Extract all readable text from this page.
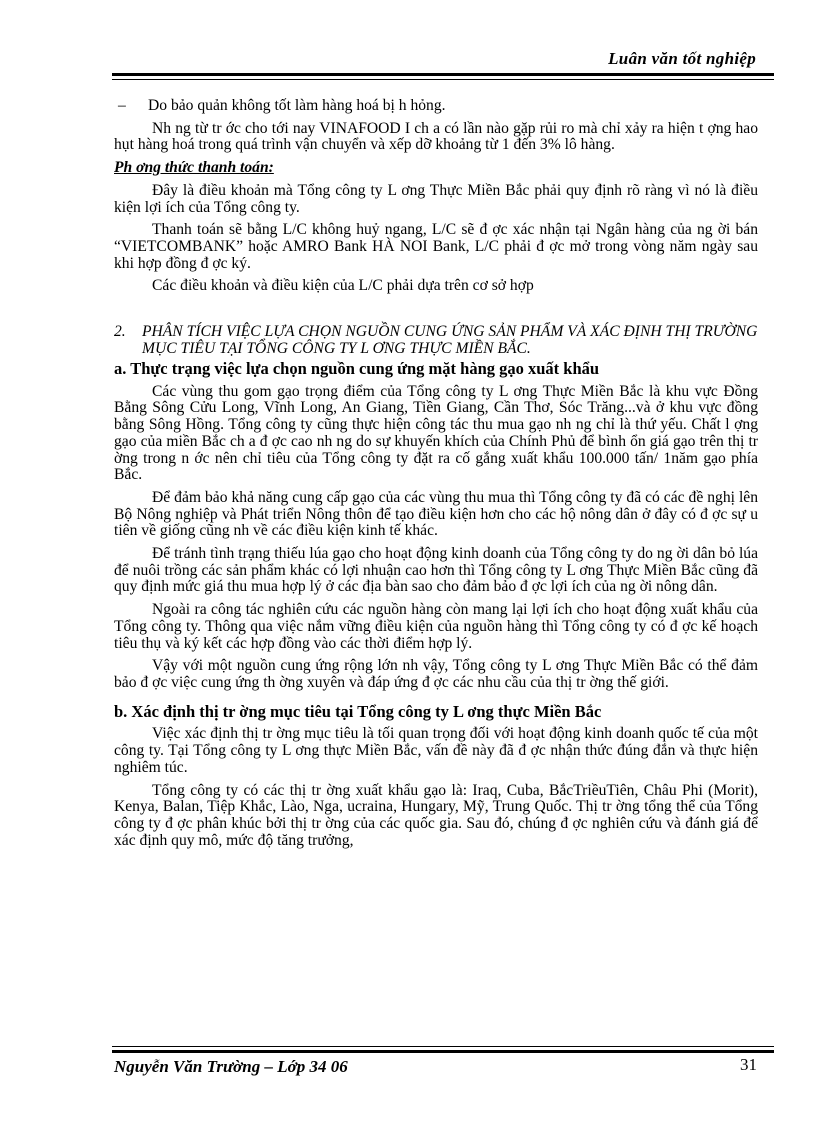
Luân văn tốt nghiệp
–	Do bảo quản không tốt làm hàng hoá bị h hỏng.

Nh ng từ tr ớc cho tới nay VINAFOOD I ch a có lần nào gặp rủi ro mà chỉ xảy ra hiện t ợng hao hụt hàng hoá trong quá trình vận chuyển và xếp dỡ khoảng từ 1 đến 3% lô hàng.

Ph ơng thức thanh toán:

Đây là điều khoản mà Tổng công ty L ơng Thực Miền Bắc phải quy định rõ ràng vì nó là điều kiện lợi ích của Tổng công ty.

Thanh toán sẽ bằng L/C không huỷ ngang, L/C sẽ đ ợc xác nhận tại Ngân hàng của ng ời bán “VIETCOMBANK” hoặc AMRO Bank HÀ NOI Bank, L/C phải đ ợc mở trong vòng năm ngày sau khi hợp đồng đ ợc ký.

Các điều khoản và điều kiện của L/C phải dựa trên cơ sở hợp

2.	PHÂN TÍCH VIỆC LỰA CHỌN NGUỒN CUNG ỨNG SẢN PHẨM VÀ XÁC ĐỊNH THỊ TRƯỜNG MỤC TIÊU TẠI TỔNG CÔNG TY L ƠNG THỰC MIỀN BẮC.
a. Thực trạng việc lựa chọn nguồn cung ứng mặt hàng gạo xuất khẩu

Các vùng thu gom gạo trọng điểm của Tổng công ty L ơng Thực Miền Bắc là khu vực Đồng Bằng Sông Cửu Long, Vĩnh Long, An Giang, Tiền Giang, Cần Thơ, Sóc Trăng...và ở khu vực đồng bằng Sông Hồng. Tổng công ty cũng thực hiện công tác thu mua gạo nh ng chỉ là thứ yếu. Chất l ợng gạo của miền Bắc ch a đ ợc cao nh ng do sự khuyến khích của Chính Phủ để bình ổn giá gạo trên thị tr ờng trong n ớc nên chỉ tiêu của Tổng công ty đặt ra cố gắng xuất khẩu 100.000 tấn/ 1năm gạo phía Bắc.

Để đảm bảo khả năng cung cấp gạo của các vùng thu mua thì Tổng công ty đã có các đề nghị lên Bộ Nông nghiệp và Phát triển Nông thôn để tạo điều kiện hơn cho các hộ nông dân ở đây có đ ợc sự u tiên về giống cũng nh về các điều kiện kinh tế khác.

Để tránh tình trạng thiếu lúa gạo cho hoạt động kinh doanh của Tổng công ty do ng ời dân bỏ lúa để nuôi trồng các sản phẩm khác có lợi nhuận cao hơn thì Tổng công ty L ơng Thực Miền Bắc cũng đã quy định mức giá thu mua hợp lý ở các địa bàn sao cho đảm bảo đ ợc lợi ích của ng ời nông dân.

Ngoài ra công tác nghiên cứu các nguồn hàng còn mang lại lợi ích cho hoạt động xuất khẩu của Tổng công ty. Thông qua việc nắm vững điều kiện của nguồn hàng thì Tổng công ty có đ ợc kế hoạch tiêu thụ và ký kết các hợp đồng vào các thời điểm hợp lý.

Vậy với một nguồn cung ứng rộng lớn nh vậy, Tổng công ty L ơng Thực Miền Bắc có thể đảm bảo đ ợc việc cung ứng th ờng xuyên và đáp ứng đ ợc các nhu cầu của thị tr ờng thế giới.

b. Xác định thị tr ờng mục tiêu tại Tổng công ty L ơng thực Miền Bắc

Việc xác định thị tr ờng mục tiêu là tối quan trọng đối với hoạt động kinh doanh quốc tế của một công ty. Tại Tổng công ty L ơng thực Miền Bắc, vấn đề này đã đ ợc nhận thức đúng đắn và thực hiện nghiêm túc.

Tổng công ty có các thị tr ờng xuất khẩu gạo là: Iraq, Cuba, BắcTriềuTiên, Châu Phi (Morit), Kenya, Balan, Tiệp Khắc, Lào, Nga, ucraina, Hungary, Mỹ, Trung Quốc. Thị tr ờng tổng thể của Tổng công ty đ ợc phân khúc bởi thị tr ờng của các quốc gia. Sau đó, chúng đ ợc nghiên cứu và đánh giá để xác định quy mô, mức độ tăng trưởng,

Nguyễn Văn Trường – Lớp 34 06	31
